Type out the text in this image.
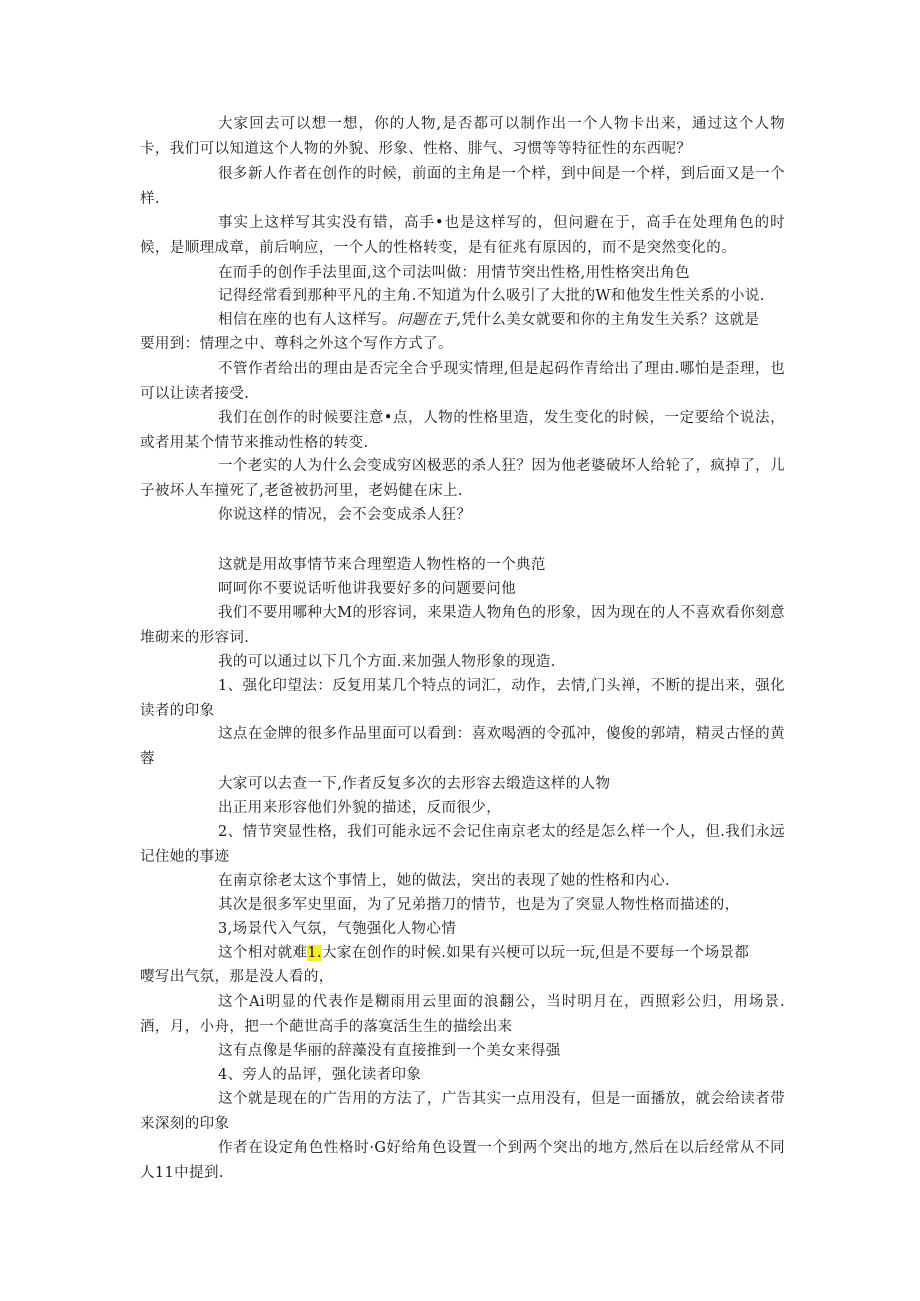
大家回去可以想一想，你的人物,是否都可以制作出一个人物卡出来，通过这个人物卡，我们可以知道这个人物的外貌、形象、性格、腓气、习惯等等特征性的东西呢？

很多新人作者在创作的时候，前面的主角是一个样，到中间是一个样，到后面又是一个样.

事实上这样写其实没有错，高手•也是这样写的，但问避在于，高手在处理角色的时候，是顺理成章，前后响应，一个人的性格转变，是有征兆有原因的，而不是突然变化的。

在而手的创作手法里面,这个司法叫做：用情节突出性格,用性格突出角色

记得经常看到那种平凡的主角.不知道为什么吸引了大批的W和他发生性关系的小说.

相信在座的也有人这样写。问题在于,凭什么美女就要和你的主角发生关系？这就是

要用到：情理之中、尊科之外这个写作方式了。

不管作者给出的理由是否完全合乎现实情理,但是起码作青给出了理由.哪怕是歪理，也可以让读者接受.

我们在创作的时候要注意•点，人物的性格里造，发生变化的时候，一定要给个说法，或者用某个情节来推动性格的转变.

一个老实的人为什么会变成穷凶极恶的杀人狂？因为他老婆破坏人给轮了，疯掉了，儿子被坏人车撞死了,老爸被扔河里，老妈健在床上.

你说这样的情况，会不会变成杀人狂？

这就是用故事情节来合理塑造人物性格的一个典范

呵呵你不要说话听他讲我要好多的问题要问他

我们不要用哪种大M的形容词，来果造人物角色的形象，因为现在的人不喜欢看你刻意堆砌来的形容词.

我的可以通过以下几个方面.来加强人物形象的现造.

1、强化印望法：反复用某几个特点的词汇，动作，去情,门头禅，不断的提出来，强化读者的印象

这点在金牌的很多作品里面可以看到：喜欢喝酒的令孤冲，傻俊的郭靖，精灵古怪的黄蓉

大家可以去查一下,作者反复多次的去形容去缎造这样的人物

出正用来形容他们外貌的描述，反而很少，

2、情节突显性格，我们可能永远不会记住南京老太的经是怎么样一个人，但.我们永远记住她的事迹

在南京徐老太这个事情上，她的做法，突出的表现了她的性格和内心.

其次是很多军史里面，为了兄弟揩刀的情节，也是为了突显人物性格而描述的，

3,场景代入气氛，气匏强化人物心情

这个相对就难1.大家在创作的时候.如果有兴梗可以玩一玩,但是不要每一个场景都

嘤写出气氛，那是没人看的，

这个Ai明显的代表作是糊雨用云里面的浪翻公，当时明月在，西照彩公归，用场景.酒，月，小舟，把一个葩世高手的落寞活生生的描绘出来

这有点像是华丽的辞藻没有直接推到一个美女来得强

4、旁人的品评，强化读者印象

这个就是现在的广告用的方法了，广告其实一点用没有，但是一面播放，就会给读者带来深刻的印象

作者在设定角色性格时·G好给角色设置一个到两个突出的地方,然后在以后经常从不同人11中提到.
